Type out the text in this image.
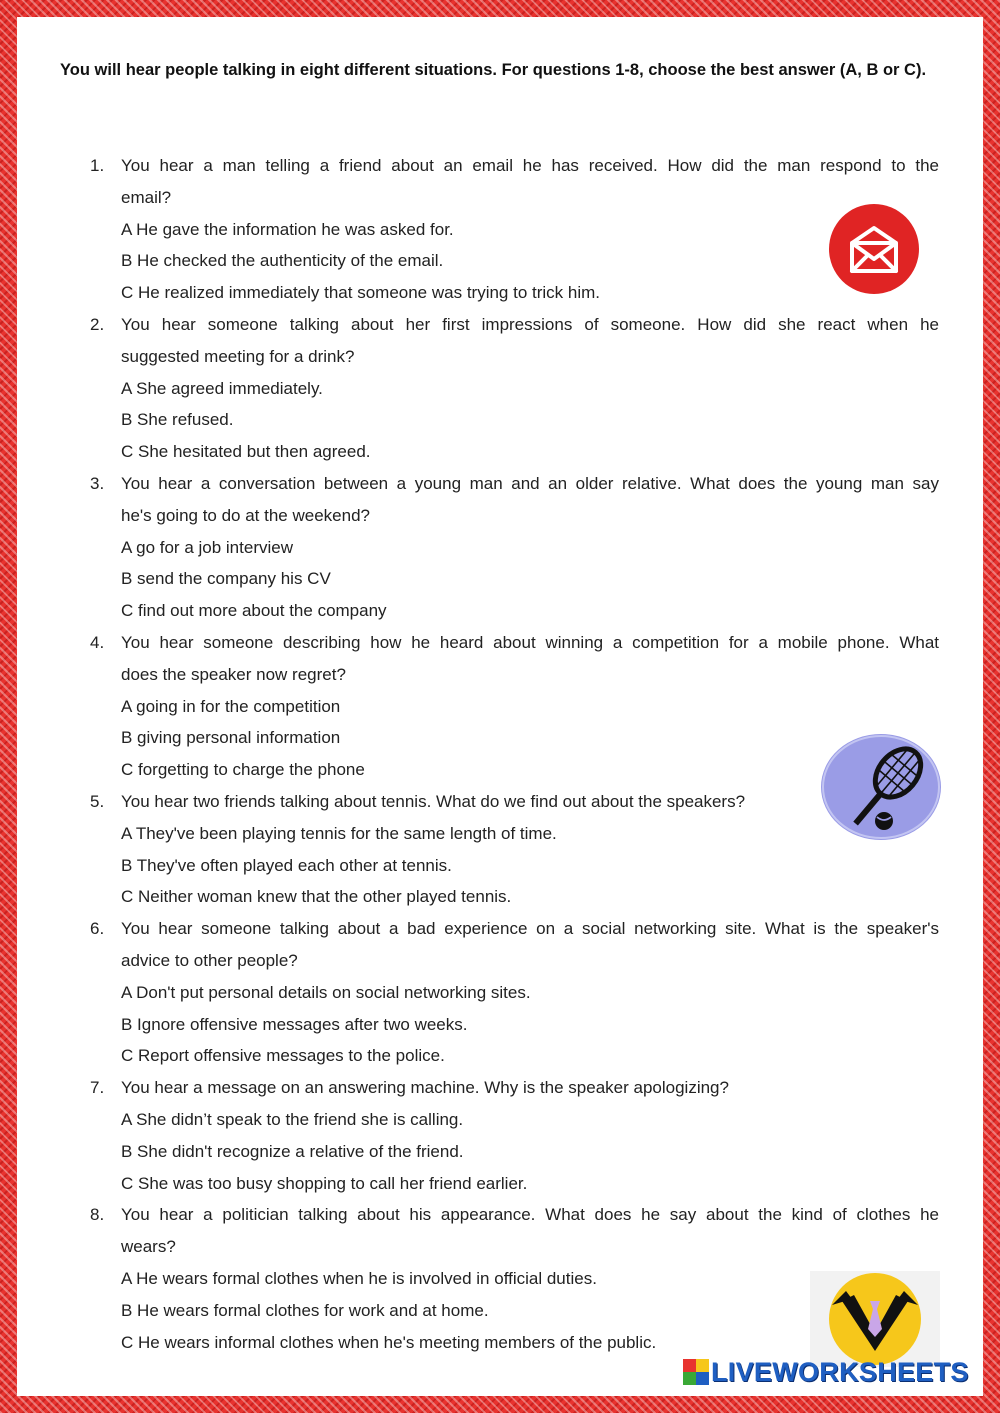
You will hear people talking in eight different situations. For questions 1-8, choose the best answer (A, B or C).
1. You hear a man telling a friend about an email he has received. How did the man respond to the
email?
A He gave the information he was asked for.
B He checked the authenticity of the email.
C He realized immediately that someone was trying to trick him.
2. You hear someone talking about her first impressions of someone. How did she react when he
suggested meeting for a drink?
A She agreed immediately.
B She refused.
C She hesitated but then agreed.
3. You hear a conversation between a young man and an older relative. What does the young man say
he's going to do at the weekend?
A go for a job interview
B send the company his CV
C find out more about the company
4. You hear someone describing how he heard about winning a competition for a mobile phone. What
does the speaker now regret?
A going in for the competition
B giving personal information
C forgetting to charge the phone
5. You hear two friends talking about tennis. What do we find out about the speakers?
A They've been playing tennis for the same length of time.
B They've often played each other at tennis.
C Neither woman knew that the other played tennis.
6. You hear someone talking about a bad experience on a social networking site. What is the speaker's
advice to other people?
A Don't put personal details on social networking sites.
B Ignore offensive messages after two weeks.
C Report offensive messages to the police.
7. You hear a message on an answering machine. Why is the speaker apologizing?
A She didn’t speak to the friend she is calling.
B She didn't recognize a relative of the friend.
C She was too busy shopping to call her friend earlier.
8. You hear a politician talking about his appearance. What does he say about the kind of clothes he
wears?
A He wears formal clothes when he is involved in official duties.
B He wears formal clothes for work and at home.
C He wears informal clothes when he's meeting members of the public.
LIVEWORKSHEETS
